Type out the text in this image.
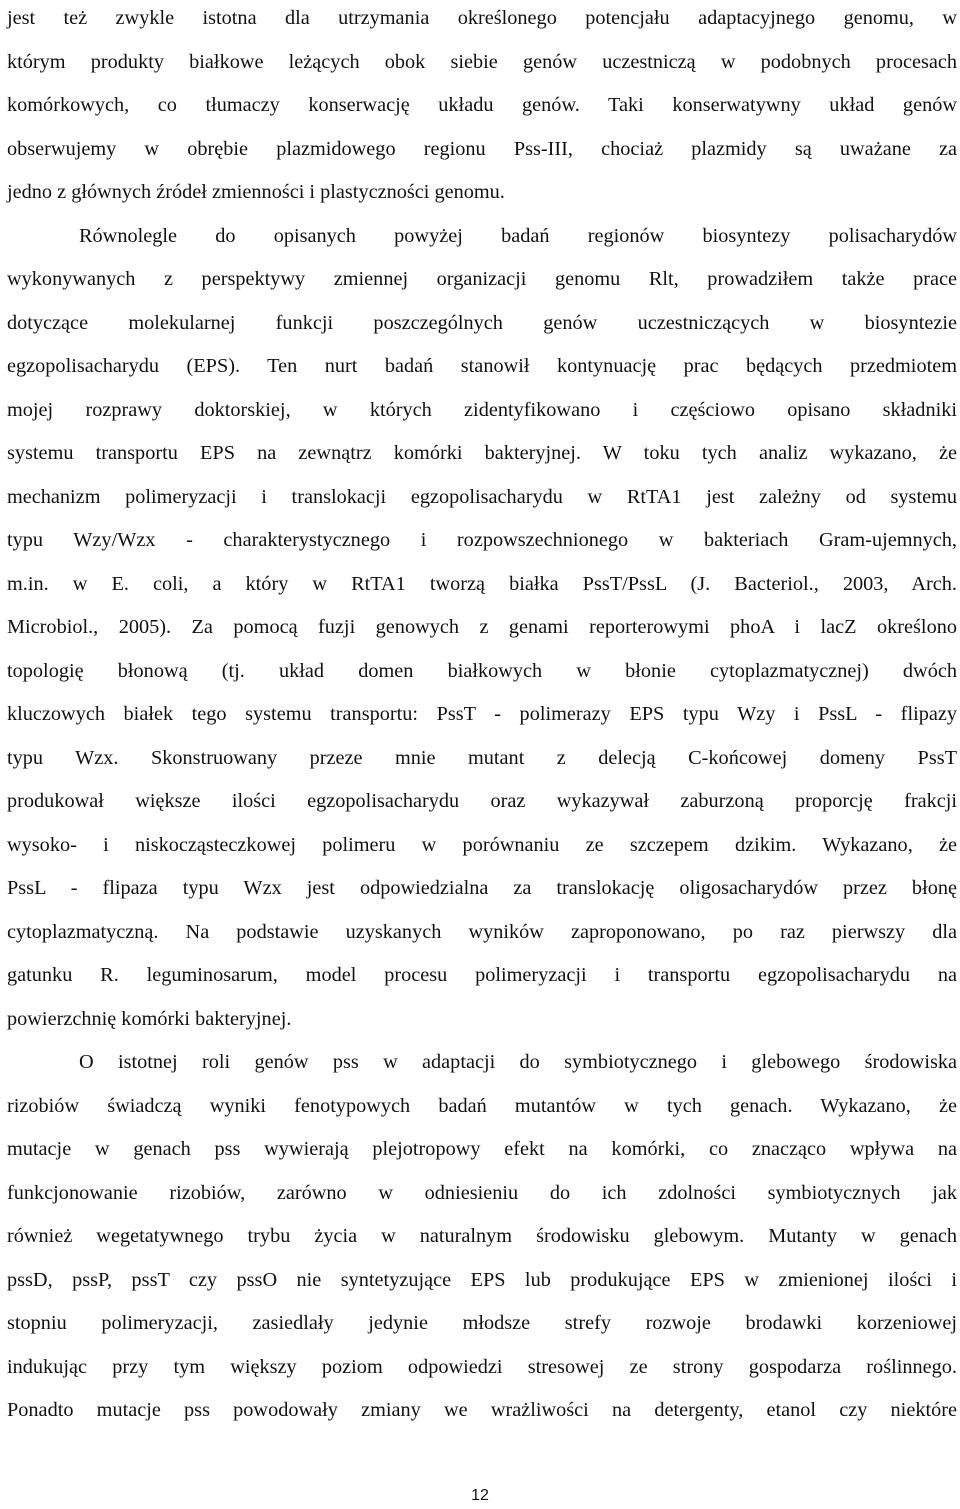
jest też zwykle istotna dla utrzymania określonego potencjału adaptacyjnego genomu, w
którym produkty białkowe leżących obok siebie genów uczestniczą w podobnych procesach
komórkowych, co tłumaczy konserwację układu genów. Taki konserwatywny układ genów
obserwujemy w obrębie plazmidowego regionu Pss-III, chociaż plazmidy są uważane za
jedno z głównych źródeł zmienności i plastyczności genomu.
Równolegle do opisanych powyżej badań regionów biosyntezy polisacharydów
wykonywanych z perspektywy zmiennej organizacji genomu Rlt, prowadziłem także prace
dotyczące molekularnej funkcji poszczególnych genów uczestniczących w biosyntezie
egzopolisacharydu (EPS). Ten nurt badań stanowił kontynuację prac będących przedmiotem
mojej rozprawy doktorskiej, w których zidentyfikowano i częściowo opisano składniki
systemu transportu EPS na zewnątrz komórki bakteryjnej. W toku tych analiz wykazano, że
mechanizm polimeryzacji i translokacji egzopolisacharydu w RtTA1 jest zależny od systemu
typu Wzy/Wzx - charakterystycznego i rozpowszechnionego w bakteriach Gram-ujemnych,
m.in. w E. coli, a który w RtTA1 tworzą białka PssT/PssL (J. Bacteriol., 2003, Arch.
Microbiol., 2005). Za pomocą fuzji genowych z genami reporterowymi phoA i lacZ określono
topologię błonową (tj. układ domen białkowych w błonie cytoplazmatycznej) dwóch
kluczowych białek tego systemu transportu: PssT - polimerazy EPS typu Wzy i PssL - flipazy
typu Wzx. Skonstruowany przeze mnie mutant z delecją C-końcowej domeny PssT
produkował większe ilości egzopolisacharydu oraz wykazywał zaburzoną proporcję frakcji
wysoko- i niskocząsteczkowej polimeru w porównaniu ze szczepem dzikim. Wykazano, że
PssL - flipaza typu Wzx jest odpowiedzialna za translokację oligosacharydów przez błonę
cytoplazmatyczną. Na podstawie uzyskanych wyników zaproponowano, po raz pierwszy dla
gatunku R. leguminosarum, model procesu polimeryzacji i transportu egzopolisacharydu na
powierzchnię komórki bakteryjnej.
O istotnej roli genów pss w adaptacji do symbiotycznego i glebowego środowiska
rizobiów świadczą wyniki fenotypowych badań mutantów w tych genach. Wykazano, że
mutacje w genach pss wywierają plejotropowy efekt na komórki, co znacząco wpływa na
funkcjonowanie rizobiów, zarówno w odniesieniu do ich zdolności symbiotycznych jak
również wegetatywnego trybu życia w naturalnym środowisku glebowym. Mutanty w genach
pssD, pssP, pssT czy pssO nie syntetyzujące EPS lub produkujące EPS w zmienionej ilości i
stopniu polimeryzacji, zasiedlały jedynie młodsze strefy rozwoje brodawki korzeniowej
indukując przy tym większy poziom odpowiedzi stresowej ze strony gospodarza roślinnego.
Ponadto mutacje pss powodowały zmiany we wrażliwości na detergenty, etanol czy niektóre
12
